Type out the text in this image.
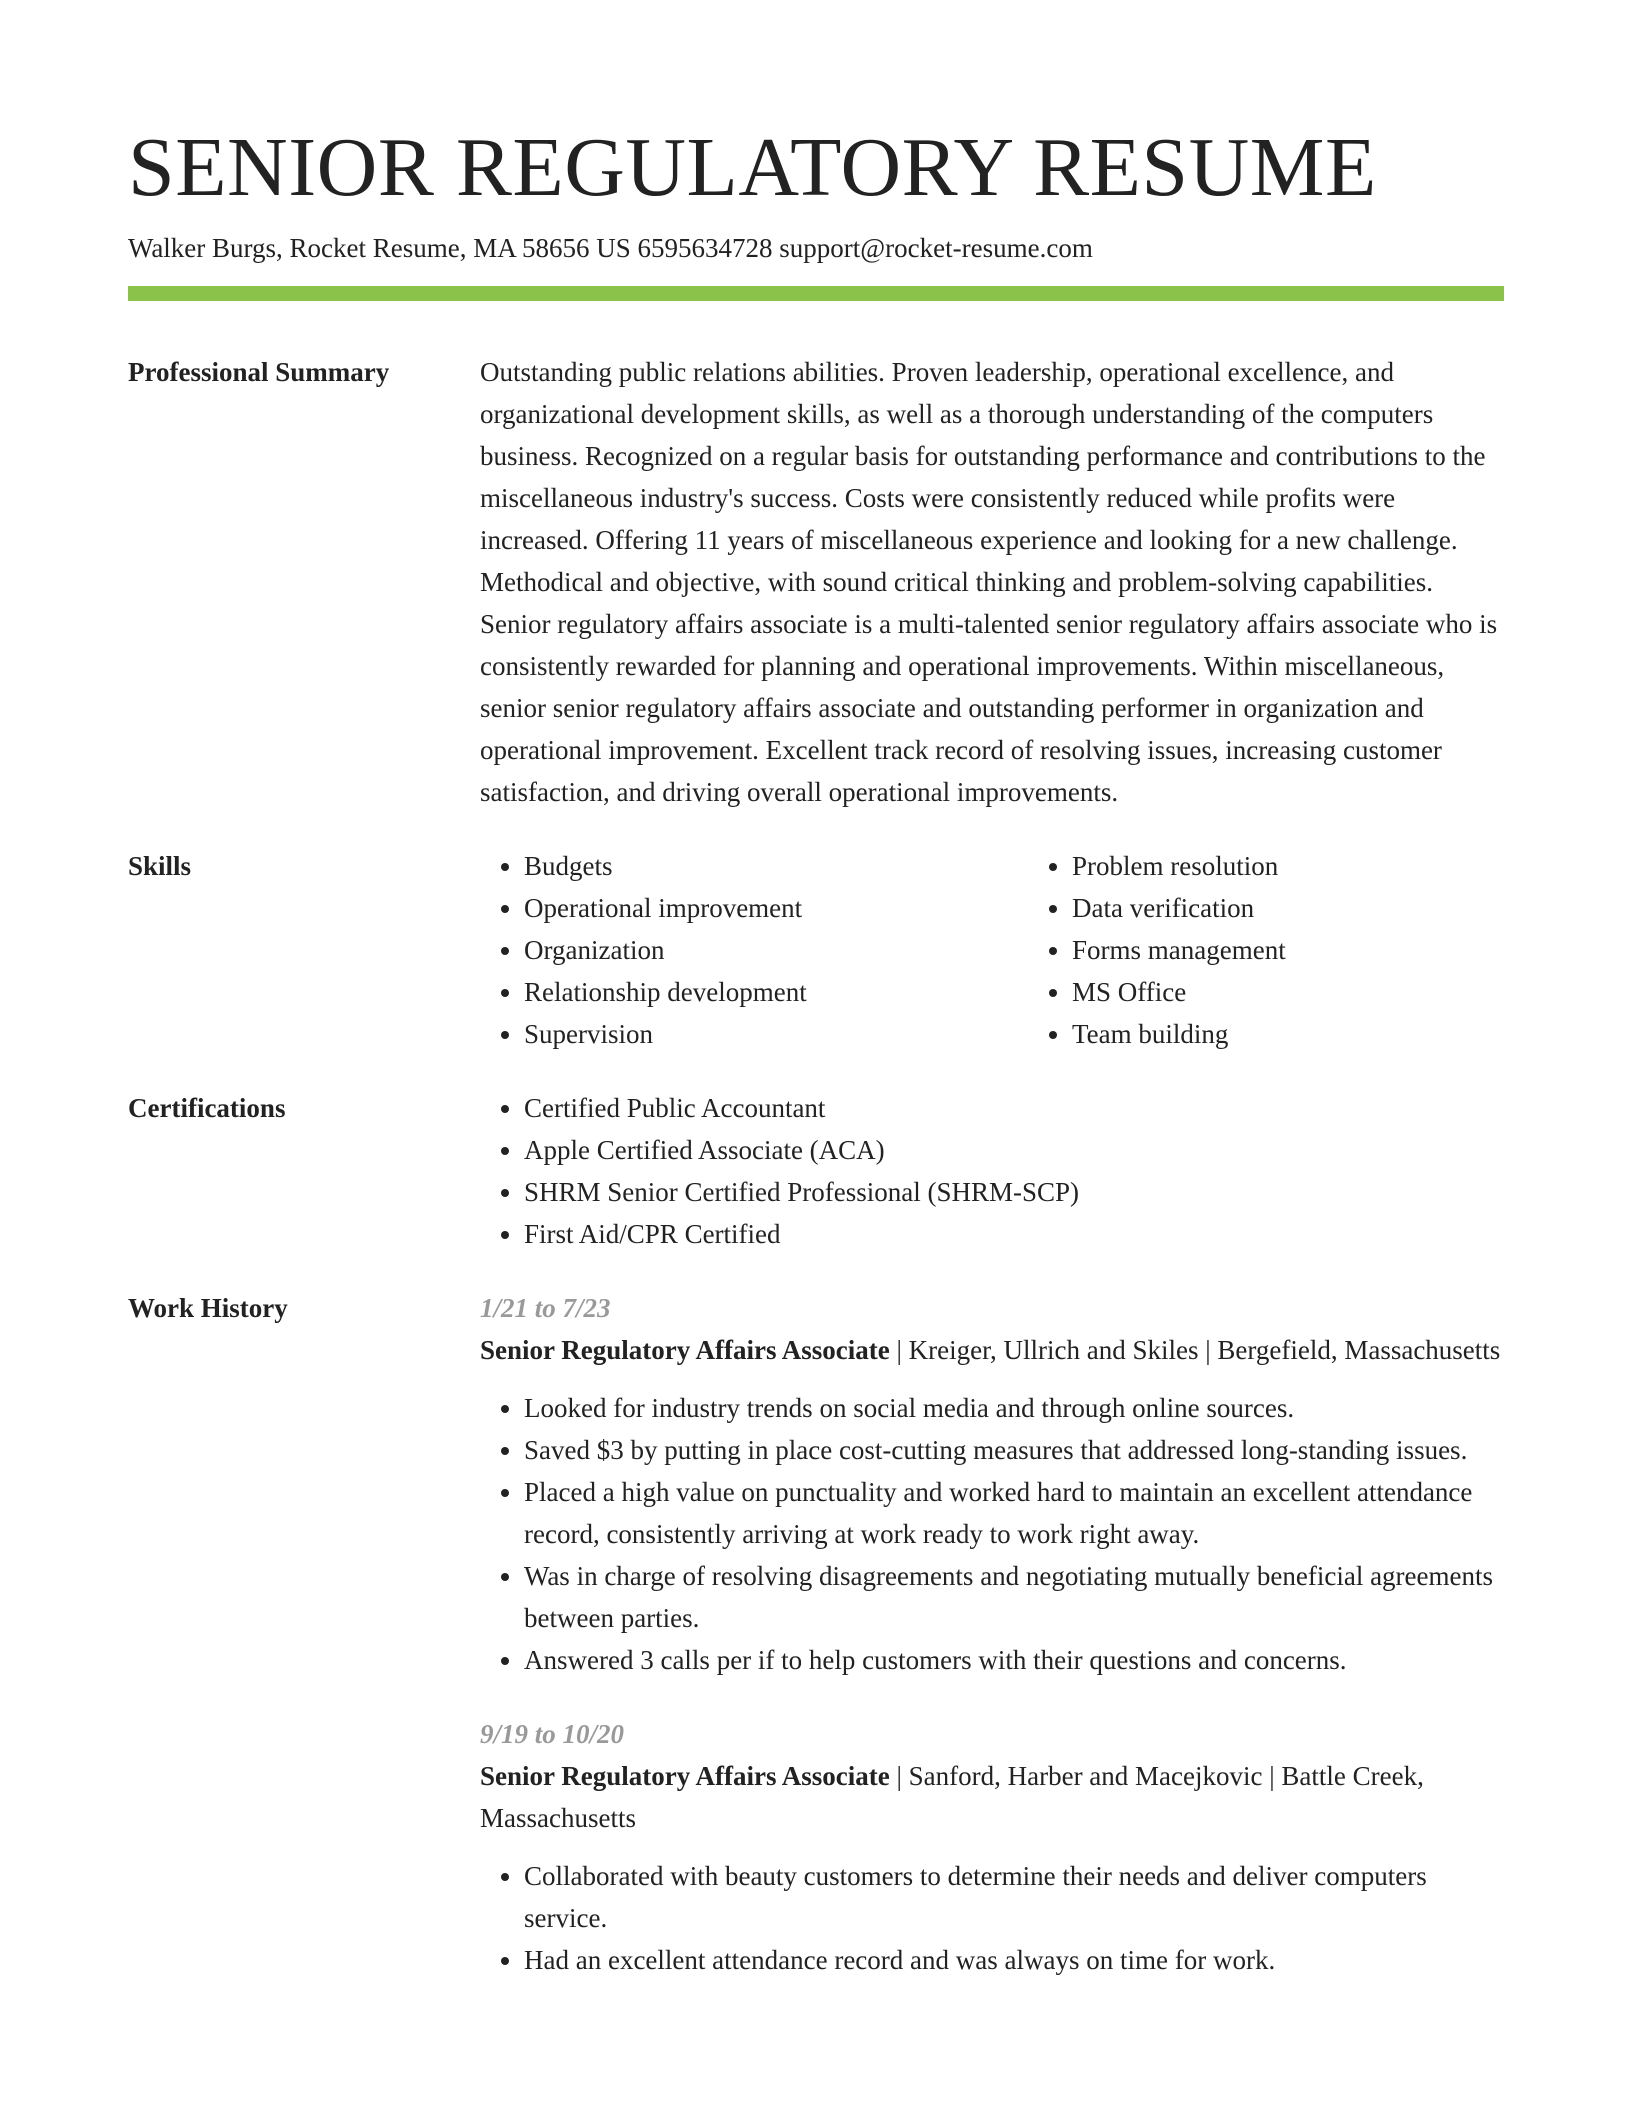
SENIOR REGULATORY RESUME
Walker Burgs, Rocket Resume, MA 58656 US 6595634728 support@rocket-resume.com
Professional Summary	Outstanding public relations abilities. Proven leadership, operational excellence, and organizational development skills, as well as a thorough understanding of the computers business. Recognized on a regular basis for outstanding performance and contributions to the miscellaneous industry's success. Costs were consistently reduced while profits were increased. Offering 11 years of miscellaneous experience and looking for a new challenge. Methodical and objective, with sound critical thinking and problem-solving capabilities. Senior regulatory affairs associate is a multi-talented senior regulatory affairs associate who is consistently rewarded for planning and operational improvements. Within miscellaneous, senior senior regulatory affairs associate and outstanding performer in organization and operational improvement. Excellent track record of resolving issues, increasing customer satisfaction, and driving overall operational improvements.

Skills	• Budgets
• Operational improvement
• Organization
• Relationship development
• Supervision
• Problem resolution
• Data verification
• Forms management
• MS Office
• Team building
Certifications	• Certified Public Accountant
• Apple Certified Associate (ACA)
• SHRM Senior Certified Professional (SHRM-SCP)
• First Aid/CPR Certified
Work History	1/21 to 7/23
Senior Regulatory Affairs Associate | Kreiger, Ullrich and Skiles | Bergefield, Massachusetts
• Looked for industry trends on social media and through online sources.
• Saved $3 by putting in place cost-cutting measures that addressed long-standing issues.
• Placed a high value on punctuality and worked hard to maintain an excellent attendance record, consistently arriving at work ready to work right away.
• Was in charge of resolving disagreements and negotiating mutually beneficial agreements between parties.
• Answered 3 calls per if to help customers with their questions and concerns.
9/19 to 10/20
Senior Regulatory Affairs Associate | Sanford, Harber and Macejkovic | Battle Creek, Massachusetts
• Collaborated with beauty customers to determine their needs and deliver computers service.
• Had an excellent attendance record and was always on time for work.
